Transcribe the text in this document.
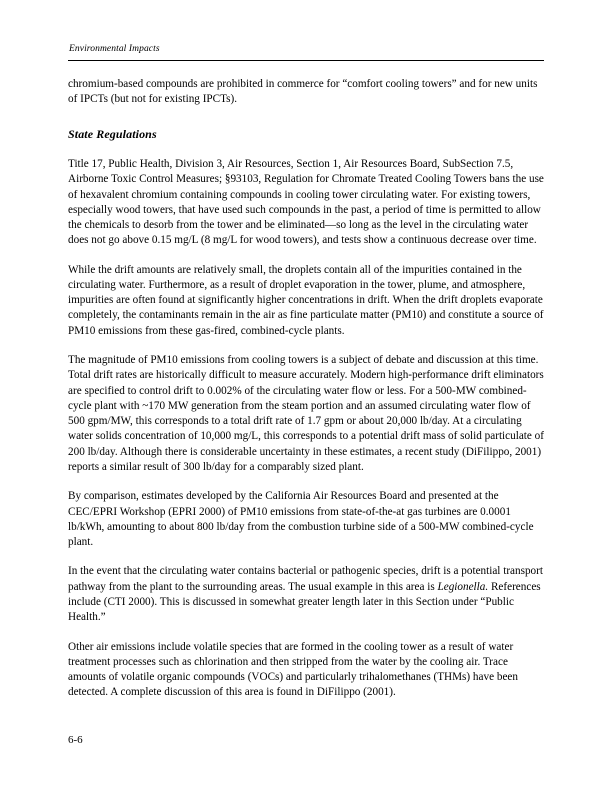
Environmental Impacts

chromium-based compounds are prohibited in commerce for “comfort cooling towers” and for new units of IPCTs (but not for existing IPCTs).

State Regulations

Title 17, Public Health, Division 3, Air Resources, Section 1, Air Resources Board, SubSection 7.5, Airborne Toxic Control Measures; §93103, Regulation for Chromate Treated Cooling Towers bans the use of hexavalent chromium containing compounds in cooling tower circulating water. For existing towers, especially wood towers, that have used such compounds in the past, a period of time is permitted to allow the chemicals to desorb from the tower and be eliminated—so long as the level in the circulating water does not go above 0.15 mg/L (8 mg/L for wood towers), and tests show a continuous decrease over time.

While the drift amounts are relatively small, the droplets contain all of the impurities contained in the circulating water. Furthermore, as a result of droplet evaporation in the tower, plume, and atmosphere, impurities are often found at significantly higher concentrations in drift. When the drift droplets evaporate completely, the contaminants remain in the air as fine particulate matter (PM10) and constitute a source of PM10 emissions from these gas-fired, combined-cycle plants.

The magnitude of PM10 emissions from cooling towers is a subject of debate and discussion at this time. Total drift rates are historically difficult to measure accurately. Modern high-performance drift eliminators are specified to control drift to 0.002% of the circulating water flow or less. For a 500-MW combined-cycle plant with ~170 MW generation from the steam portion and an assumed circulating water flow of 500 gpm/MW, this corresponds to a total drift rate of 1.7 gpm or about 20,000 lb/day. At a circulating water solids concentration of 10,000 mg/L, this corresponds to a potential drift mass of solid particulate of 200 lb/day. Although there is considerable uncertainty in these estimates, a recent study (DiFilippo, 2001) reports a similar result of 300 lb/day for a comparably sized plant.

By comparison, estimates developed by the California Air Resources Board and presented at the CEC/EPRI Workshop (EPRI 2000) of PM10 emissions from state-of-the-at gas turbines are 0.0001 lb/kWh, amounting to about 800 lb/day from the combustion turbine side of a 500-MW combined-cycle plant.

In the event that the circulating water contains bacterial or pathogenic species, drift is a potential transport pathway from the plant to the surrounding areas. The usual example in this area is Legionella. References include (CTI 2000). This is discussed in somewhat greater length later in this Section under “Public Health.”

Other air emissions include volatile species that are formed in the cooling tower as a result of water treatment processes such as chlorination and then stripped from the water by the cooling air. Trace amounts of volatile organic compounds (VOCs) and particularly trihalomethanes (THMs) have been detected. A complete discussion of this area is found in DiFilippo (2001).

6-6
